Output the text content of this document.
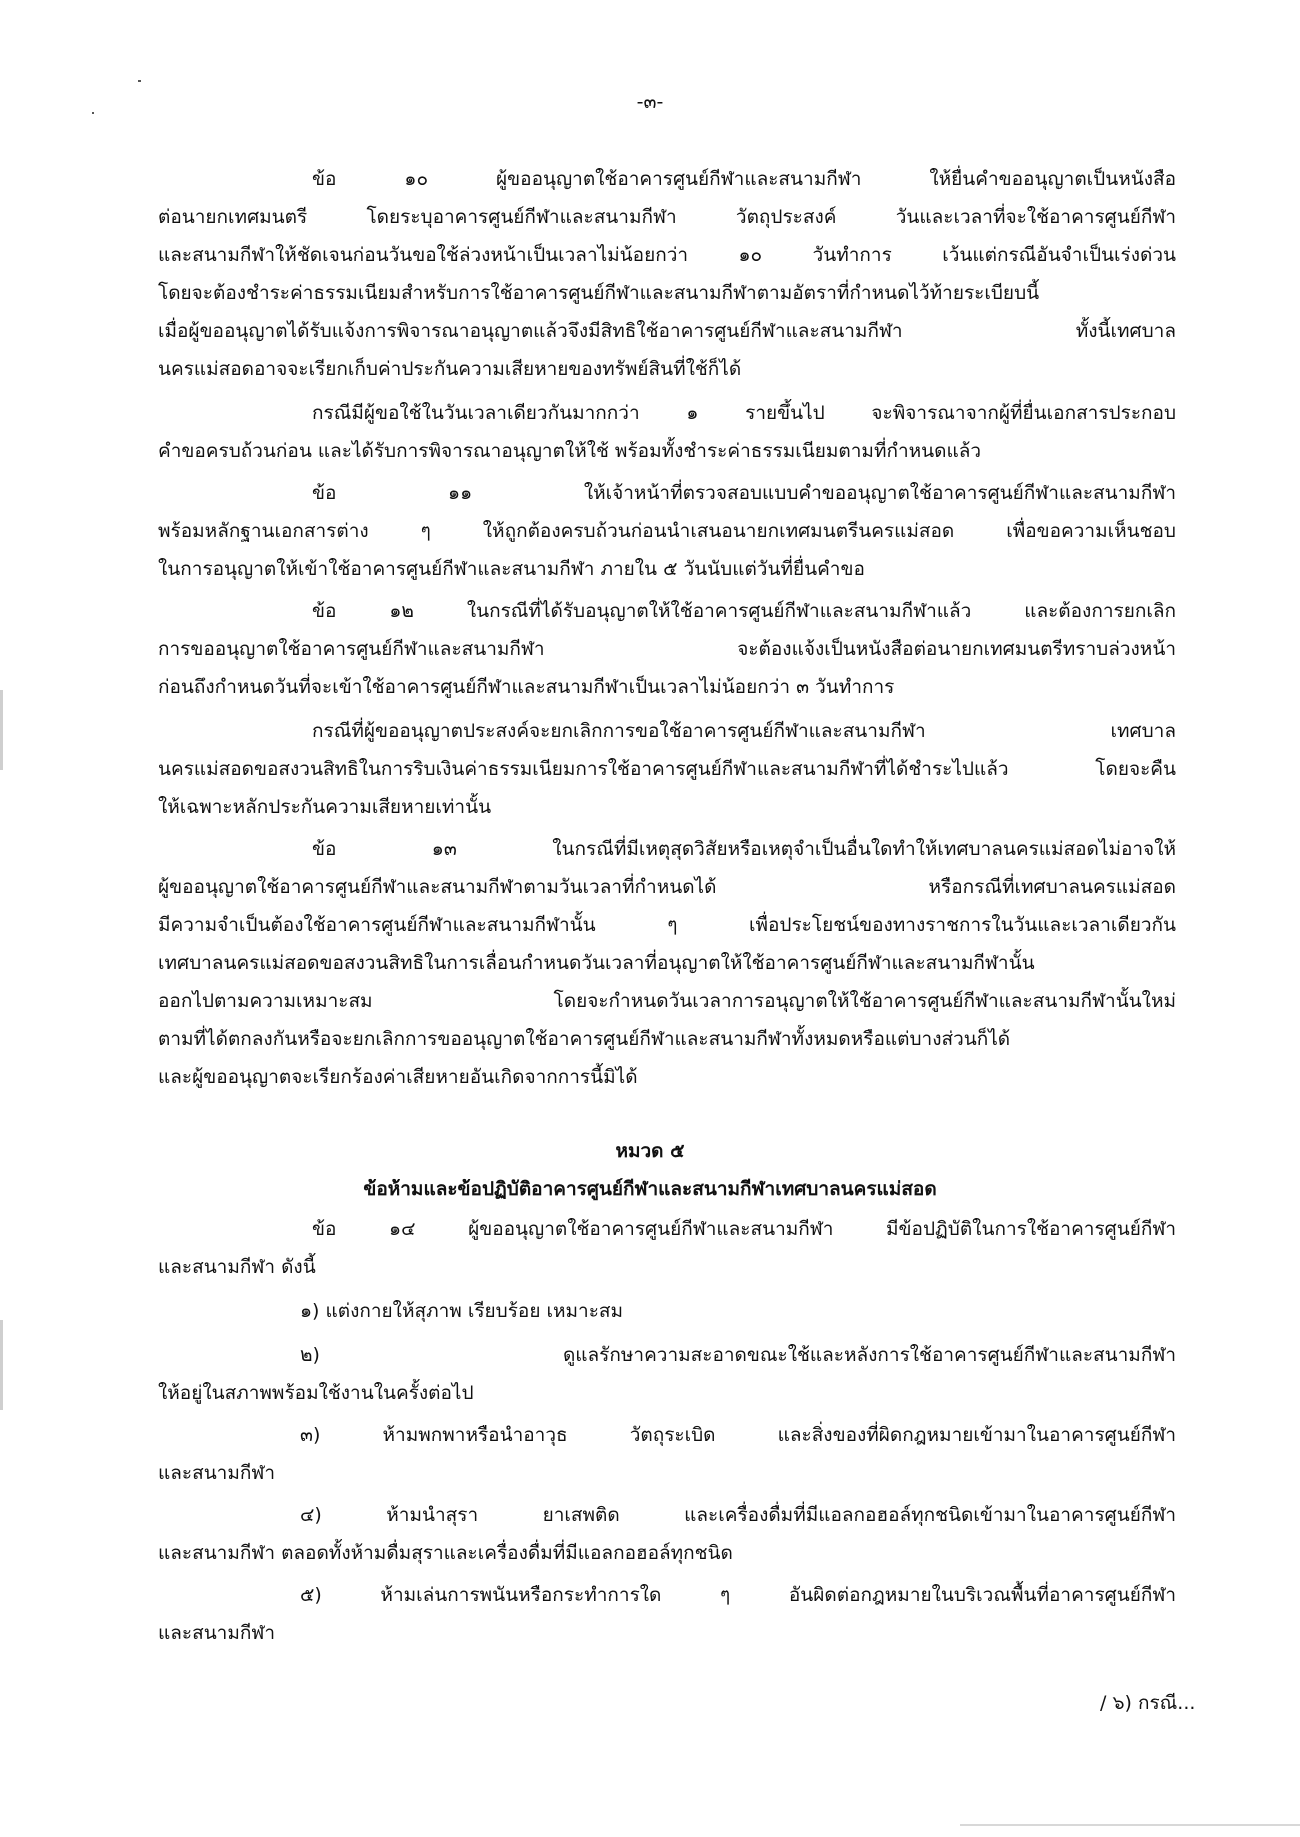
-๓-
ข้อ ๑๐ ผู้ขออนุญาตใช้อาคารศูนย์กีฬาและสนามกีฬา ให้ยื่นคำขออนุญาตเป็นหนังสือ
ต่อนายกเทศมนตรี โดยระบุอาคารศูนย์กีฬาและสนามกีฬา วัตถุประสงค์ วันและเวลาที่จะใช้อาคารศูนย์กีฬา
และสนามกีฬาให้ชัดเจนก่อนวันขอใช้ล่วงหน้าเป็นเวลาไม่น้อยกว่า ๑๐ วันทำการ เว้นแต่กรณีอันจำเป็นเร่งด่วน
โดยจะต้องชำระค่าธรรมเนียมสำหรับการใช้อาคารศูนย์กีฬาและสนามกีฬาตามอัตราที่กำหนดไว้ท้ายระเบียบนี้
เมื่อผู้ขออนุญาตได้รับแจ้งการพิจารณาอนุญาตแล้วจึงมีสิทธิใช้อาคารศูนย์กีฬาและสนามกีฬา ทั้งนี้เทศบาล
นครแม่สอดอาจจะเรียกเก็บค่าประกันความเสียหายของทรัพย์สินที่ใช้ก็ได้
กรณีมีผู้ขอใช้ในวันเวลาเดียวกันมากกว่า ๑ รายขึ้นไป จะพิจารณาจากผู้ที่ยื่นเอกสารประกอบ
คำขอครบถ้วนก่อน และได้รับการพิจารณาอนุญาตให้ใช้ พร้อมทั้งชำระค่าธรรมเนียมตามที่กำหนดแล้ว
ข้อ ๑๑ ให้เจ้าหน้าที่ตรวจสอบแบบคำขออนุญาตใช้อาคารศูนย์กีฬาและสนามกีฬา
พร้อมหลักฐานเอกสารต่าง ๆ ให้ถูกต้องครบถ้วนก่อนนำเสนอนายกเทศมนตรีนครแม่สอด เพื่อขอความเห็นชอบ
ในการอนุญาตให้เข้าใช้อาคารศูนย์กีฬาและสนามกีฬา ภายใน ๕ วันนับแต่วันที่ยื่นคำขอ
ข้อ ๑๒ ในกรณีที่ได้รับอนุญาตให้ใช้อาคารศูนย์กีฬาและสนามกีฬาแล้ว และต้องการยกเลิก
การขออนุญาตใช้อาคารศูนย์กีฬาและสนามกีฬา จะต้องแจ้งเป็นหนังสือต่อนายกเทศมนตรีทราบล่วงหน้า
ก่อนถึงกำหนดวันที่จะเข้าใช้อาคารศูนย์กีฬาและสนามกีฬาเป็นเวลาไม่น้อยกว่า ๓ วันทำการ
กรณีที่ผู้ขออนุญาตประสงค์จะยกเลิกการขอใช้อาคารศูนย์กีฬาและสนามกีฬา เทศบาล
นครแม่สอดขอสงวนสิทธิในการริบเงินค่าธรรมเนียมการใช้อาคารศูนย์กีฬาและสนามกีฬาที่ได้ชำระไปแล้ว โดยจะคืน
ให้เฉพาะหลักประกันความเสียหายเท่านั้น
ข้อ ๑๓ ในกรณีที่มีเหตุสุดวิสัยหรือเหตุจำเป็นอื่นใดทำให้เทศบาลนครแม่สอดไม่อาจให้
ผู้ขออนุญาตใช้อาคารศูนย์กีฬาและสนามกีฬาตามวันเวลาที่กำหนดได้ หรือกรณีที่เทศบาลนครแม่สอด
มีความจำเป็นต้องใช้อาคารศูนย์กีฬาและสนามกีฬานั้น ๆ เพื่อประโยชน์ของทางราชการในวันและเวลาเดียวกัน
เทศบาลนครแม่สอดขอสงวนสิทธิในการเลื่อนกำหนดวันเวลาที่อนุญาตให้ใช้อาคารศูนย์กีฬาและสนามกีฬานั้น
ออกไปตามความเหมาะสม โดยจะกำหนดวันเวลาการอนุญาตให้ใช้อาคารศูนย์กีฬาและสนามกีฬานั้นใหม่
ตามที่ได้ตกลงกันหรือจะยกเลิกการขออนุญาตใช้อาคารศูนย์กีฬาและสนามกีฬาทั้งหมดหรือแต่บางส่วนก็ได้
และผู้ขออนุญาตจะเรียกร้องค่าเสียหายอันเกิดจากการนี้มิได้
หมวด ๕
ข้อห้ามและข้อปฏิบัติอาคารศูนย์กีฬาและสนามกีฬาเทศบาลนครแม่สอด
ข้อ ๑๔ ผู้ขออนุญาตใช้อาคารศูนย์กีฬาและสนามกีฬา มีข้อปฏิบัติในการใช้อาคารศูนย์กีฬา
และสนามกีฬา ดังนี้
๑) แต่งกายให้สุภาพ เรียบร้อย เหมาะสม
๒) ดูแลรักษาความสะอาดขณะใช้และหลังการใช้อาคารศูนย์กีฬาและสนามกีฬา
ให้อยู่ในสภาพพร้อมใช้งานในครั้งต่อไป
๓) ห้ามพกพาหรือนำอาวุธ วัตถุระเบิด และสิ่งของที่ผิดกฎหมายเข้ามาในอาคารศูนย์กีฬา
และสนามกีฬา
๔) ห้ามนำสุรา ยาเสพติด และเครื่องดื่มที่มีแอลกอฮอล์ทุกชนิดเข้ามาในอาคารศูนย์กีฬา
และสนามกีฬา ตลอดทั้งห้ามดื่มสุราและเครื่องดื่มที่มีแอลกอฮอล์ทุกชนิด
๕) ห้ามเล่นการพนันหรือกระทำการใด ๆ อันผิดต่อกฎหมายในบริเวณพื้นที่อาคารศูนย์กีฬา
และสนามกีฬา
/ ๖) กรณี...
